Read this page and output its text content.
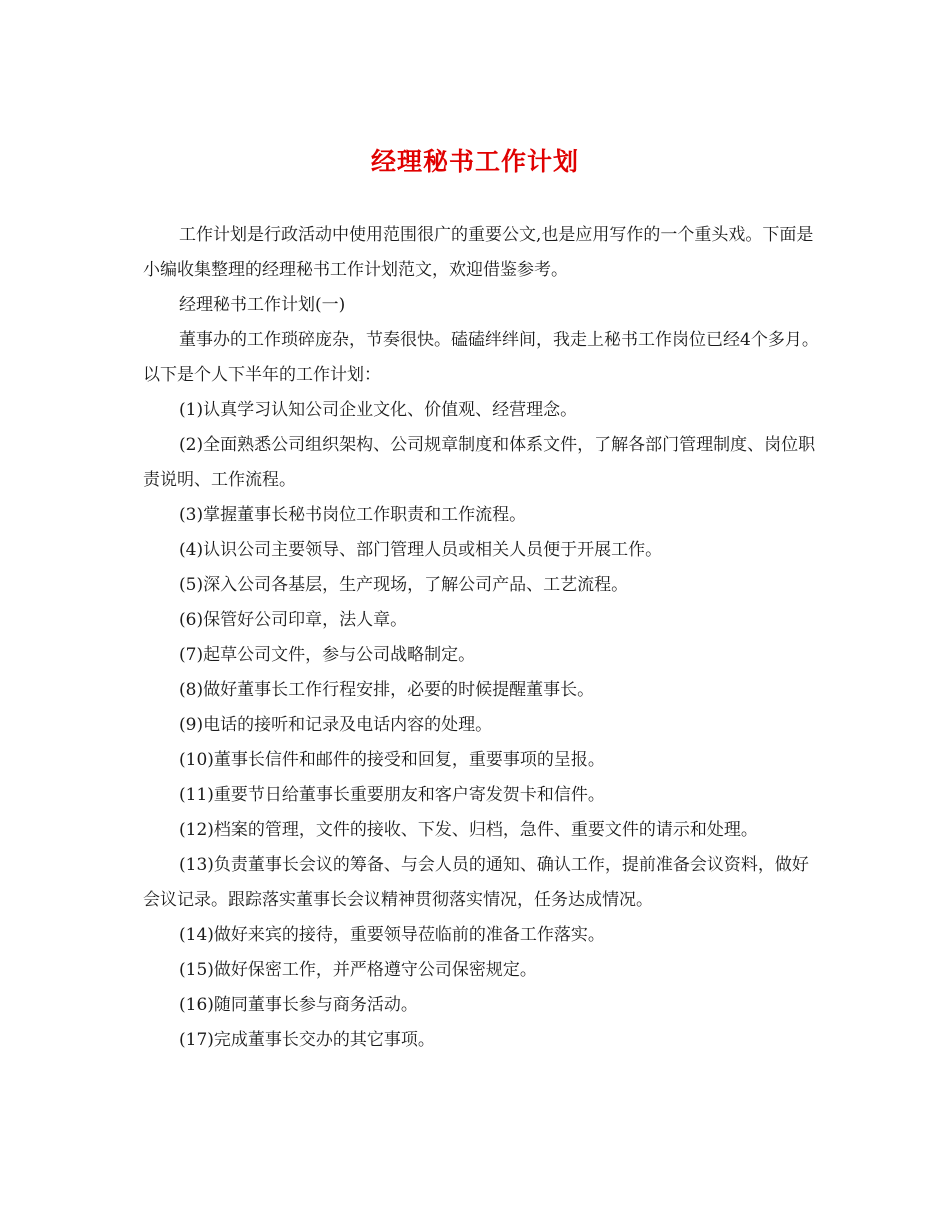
经理秘书工作计划

工作计划是行政活动中使用范围很广的重要公文,也是应用写作的一个重头戏。下面是小编收集整理的经理秘书工作计划范文，欢迎借鉴参考。

经理秘书工作计划(一)

董事办的工作琐碎庞杂，节奏很快。磕磕绊绊间，我走上秘书工作岗位已经4个多月。以下是个人下半年的工作计划：

(1)认真学习认知公司企业文化、价值观、经营理念。

(2)全面熟悉公司组织架构、公司规章制度和体系文件，了解各部门管理制度、岗位职责说明、工作流程。

(3)掌握董事长秘书岗位工作职责和工作流程。

(4)认识公司主要领导、部门管理人员或相关人员便于开展工作。

(5)深入公司各基层，生产现场，了解公司产品、工艺流程。

(6)保管好公司印章，法人章。

(7)起草公司文件，参与公司战略制定。

(8)做好董事长工作行程安排，必要的时候提醒董事长。

(9)电话的接听和记录及电话内容的处理。

(10)董事长信件和邮件的接受和回复，重要事项的呈报。

(11)重要节日给董事长重要朋友和客户寄发贺卡和信件。

(12)档案的管理，文件的接收、下发、归档，急件、重要文件的请示和处理。

(13)负责董事长会议的筹备、与会人员的通知、确认工作，提前准备会议资料，做好会议记录。跟踪落实董事长会议精神贯彻落实情况，任务达成情况。

(14)做好来宾的接待，重要领导莅临前的准备工作落实。

(15)做好保密工作，并严格遵守公司保密规定。

(16)随同董事长参与商务活动。

(17)完成董事长交办的其它事项。
